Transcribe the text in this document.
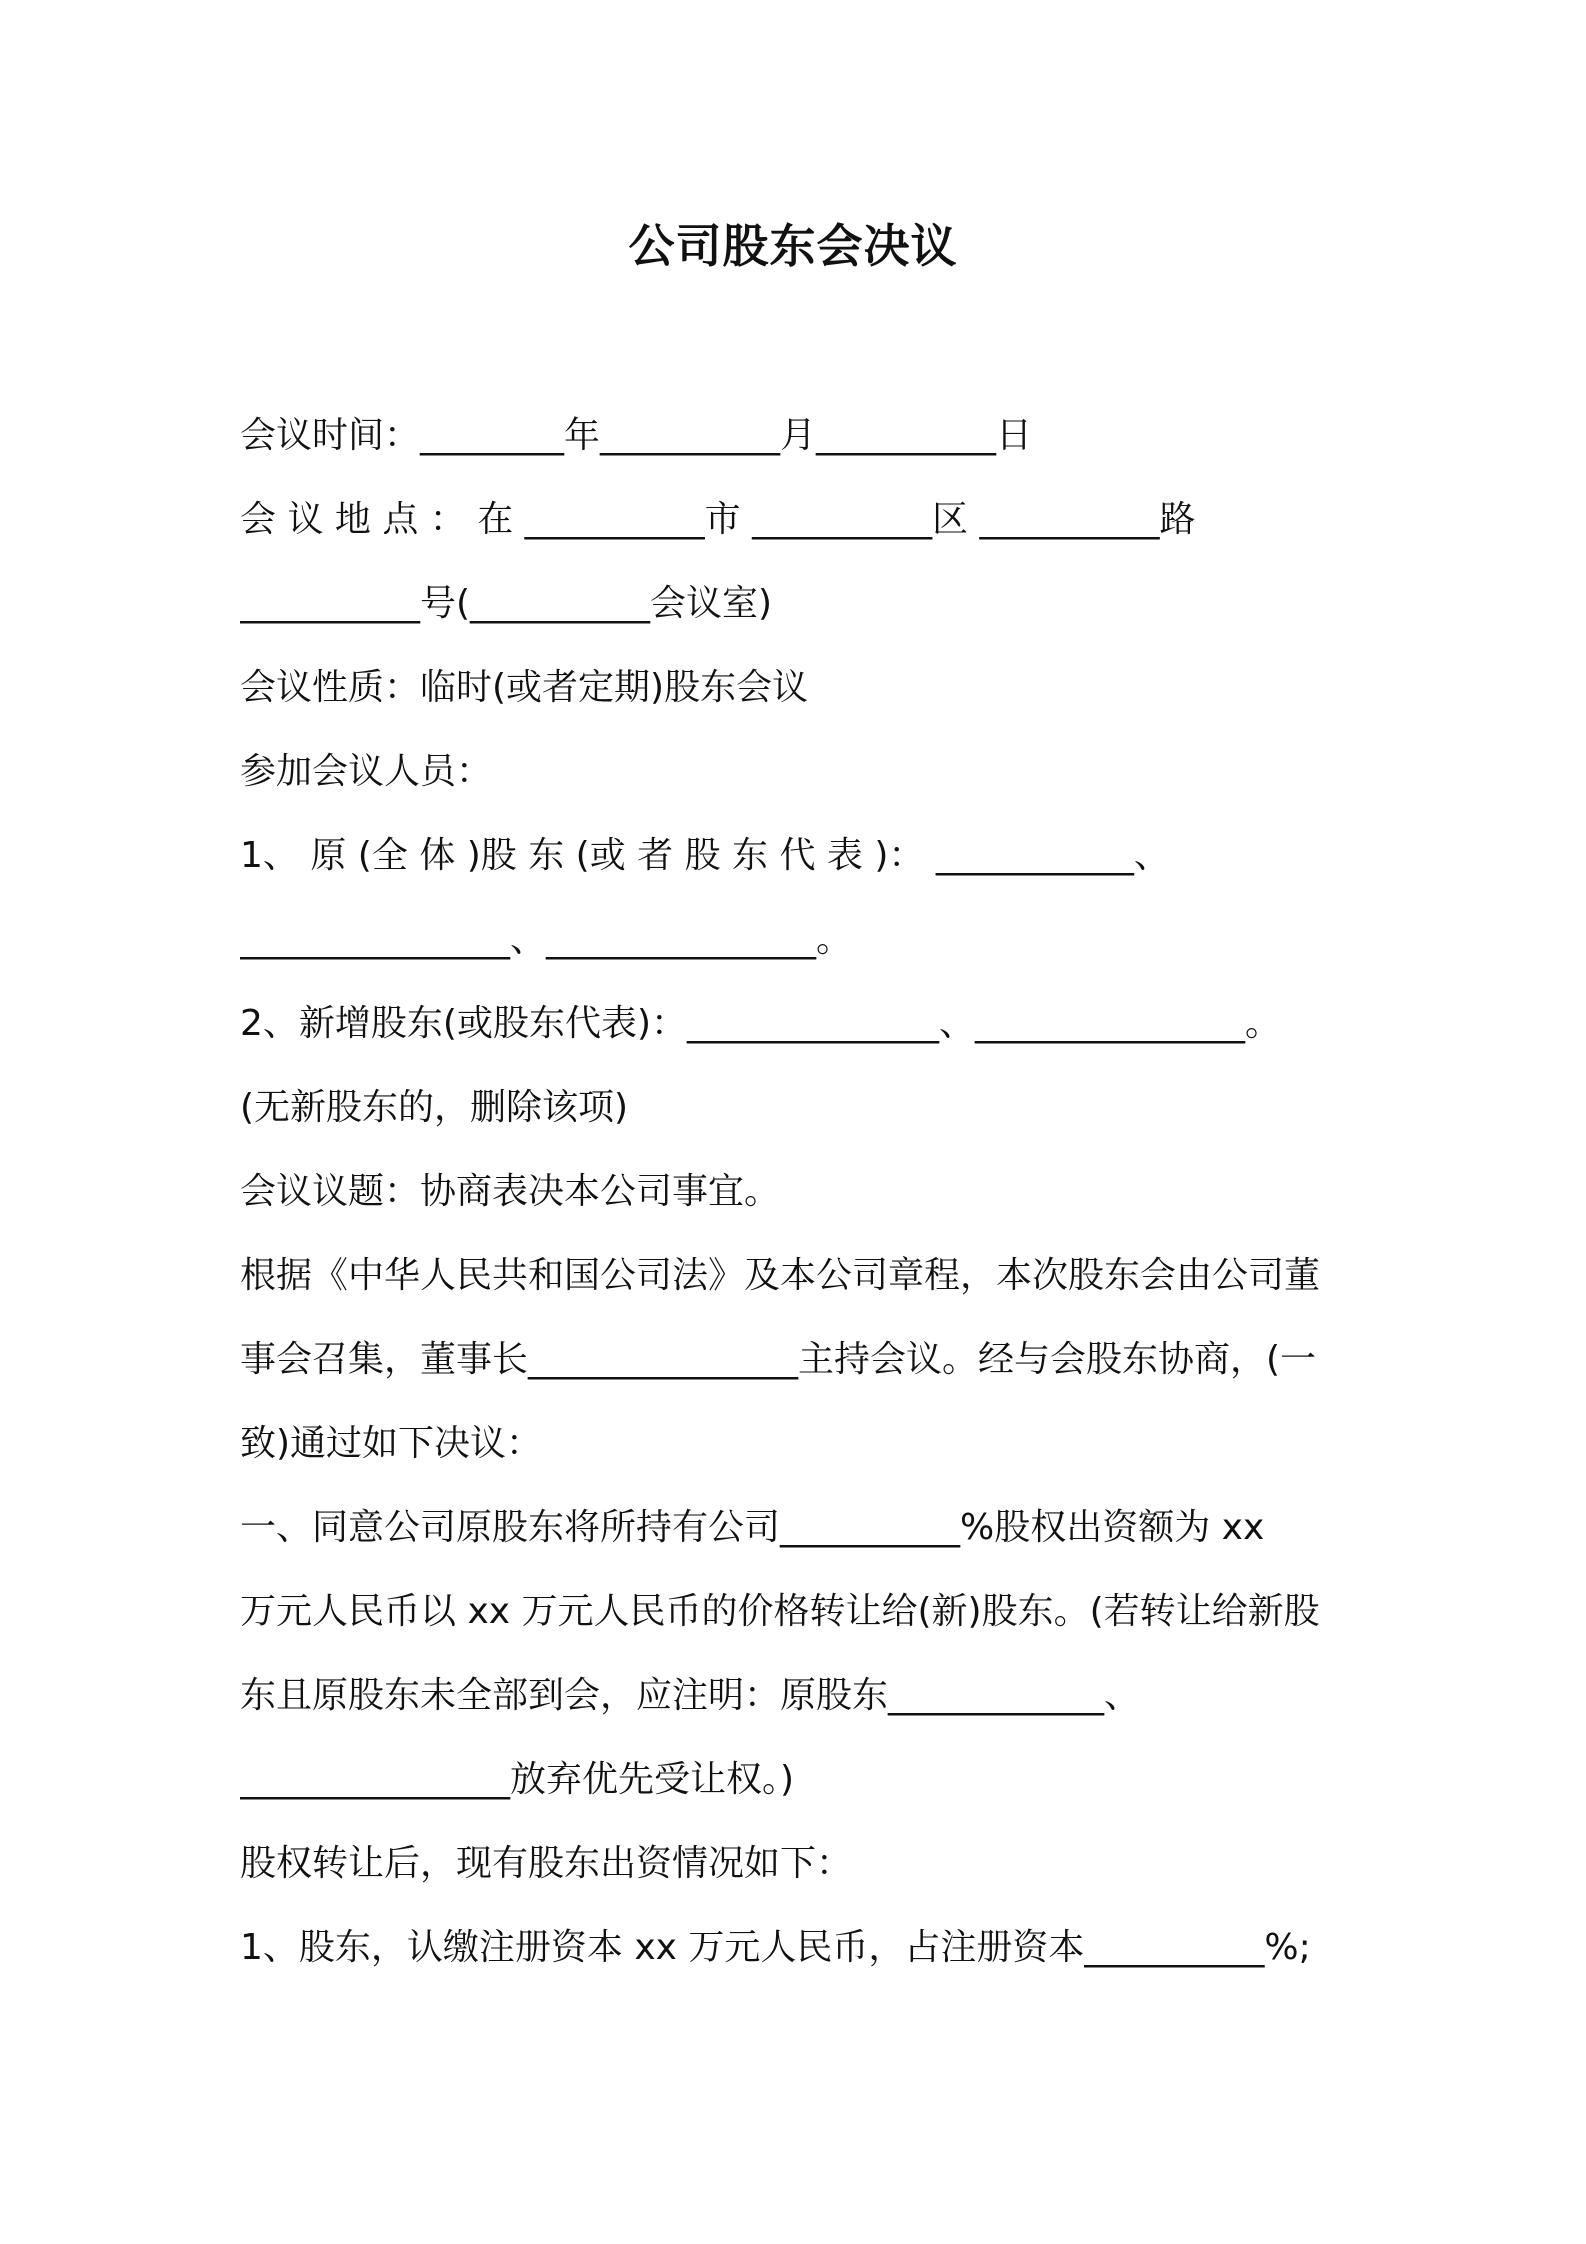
公司股东会决议
会议时间：________年__________月__________日
会 议 地 点 ： 在 __________市 __________区 __________路
__________号(__________会议室)
会议性质：临时(或者定期)股东会议
参加会议人员：
1、 原 (全 体 )股 东 (或 者 股 东 代 表 )： ___________、
_______________、_______________。
2、新增股东(或股东代表)：______________、_______________。
(无新股东的，删除该项)
会议议题：协商表决本公司事宜。
根据《中华人民共和国公司法》及本公司章程，本次股东会由公司董
事会召集，董事长_______________主持会议。经与会股东协商，(一
致)通过如下决议：
一、同意公司原股东将所持有公司__________%股权出资额为 xx
万元人民币以 xx 万元人民币的价格转让给(新)股东。(若转让给新股
东且原股东未全部到会，应注明：原股东____________、
_______________放弃优先受让权。)
股权转让后，现有股东出资情况如下：
1、股东，认缴注册资本 xx 万元人民币，占注册资本__________%;
